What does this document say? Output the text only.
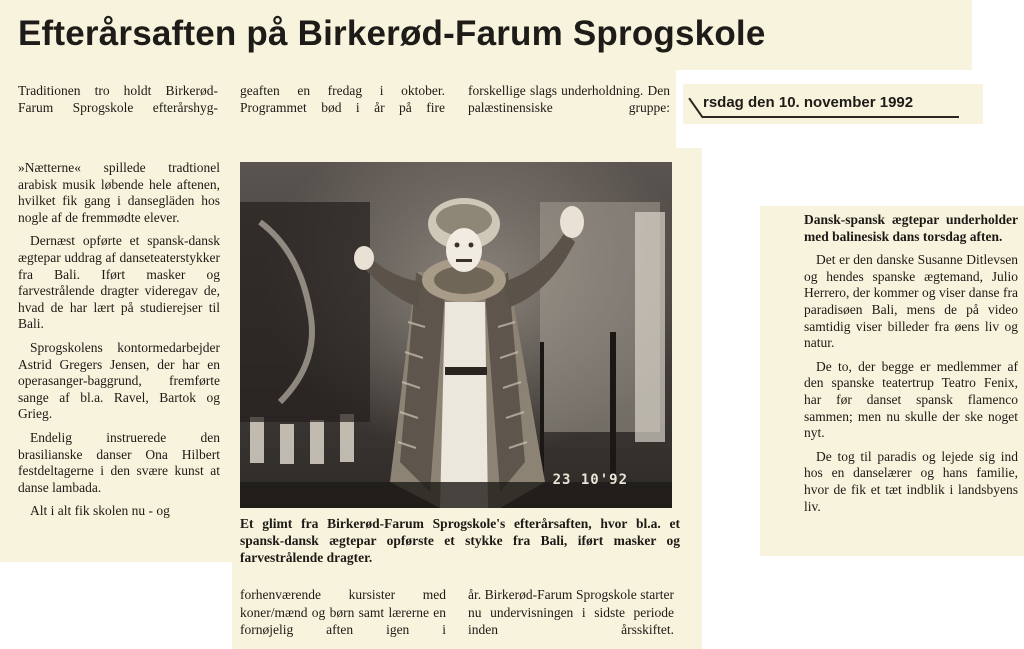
Efterårsaften på Birkerød-Farum Sprogskole
Traditionen tro holdt Birkerød-Farum Sprogskole efterårshyg-
geaften en fredag i oktober. Programmet bød i år på fire
forskellige slags underholdning. Den palæstinensiske gruppe: rsdag den 10. november 1992

»Nætterne« spillede tradtionel arabisk musik løbende hele aftenen, hvilket fik gang i dansegläden hos nogle af de fremmødte elever.

Dernæst opførte et spansk-dansk ægtepar uddrag af danseteaterstykker fra Bali. Iført masker og farvestrålende dragter videregav de, hvad de har lært på studierejser til Bali.

Sprogskolens kontormedarbejder Astrid Gregers Jensen, der har en operasanger-baggrund, fremførte sange af bl.a. Ravel, Bartok og Grieg.

Endelig instruerede den brasilianske danser Ona Hilbert festdeltagerne i den svære kunst at danse lambada.

Alt i alt fik skolen nu - og

23 10'92

Et glimt fra Birkerød-Farum Sprogskole's efterårsaften, hvor bl.a. et spansk-dansk ægtepar opførste et stykke fra Bali, iført masker og farvestrålende dragter.

forhenværende kursister med koner/mænd og børn samt lærerne en fornøjelig aften igen i
år. Birkerød-Farum Sprogskole starter nu undervisningen i sidste periode inden årsskiftet.

Dansk-spansk ægtepar underholder med balinesisk dans torsdag aften.

Det er den danske Susanne Ditlevsen og hendes spanske ægtemand, Julio Herrero, der kommer og viser danse fra paradisøen Bali, mens de på video samtidig viser billeder fra øens liv og natur.

De to, der begge er medlemmer af den spanske teatertrup Teatro Fenix, har før danset spansk flamenco sammen; men nu skulle der ske noget nyt.

De tog til paradis og lejede sig ind hos en danselærer og hans familie, hvor de fik et tæt indblik i landsbyens liv.
